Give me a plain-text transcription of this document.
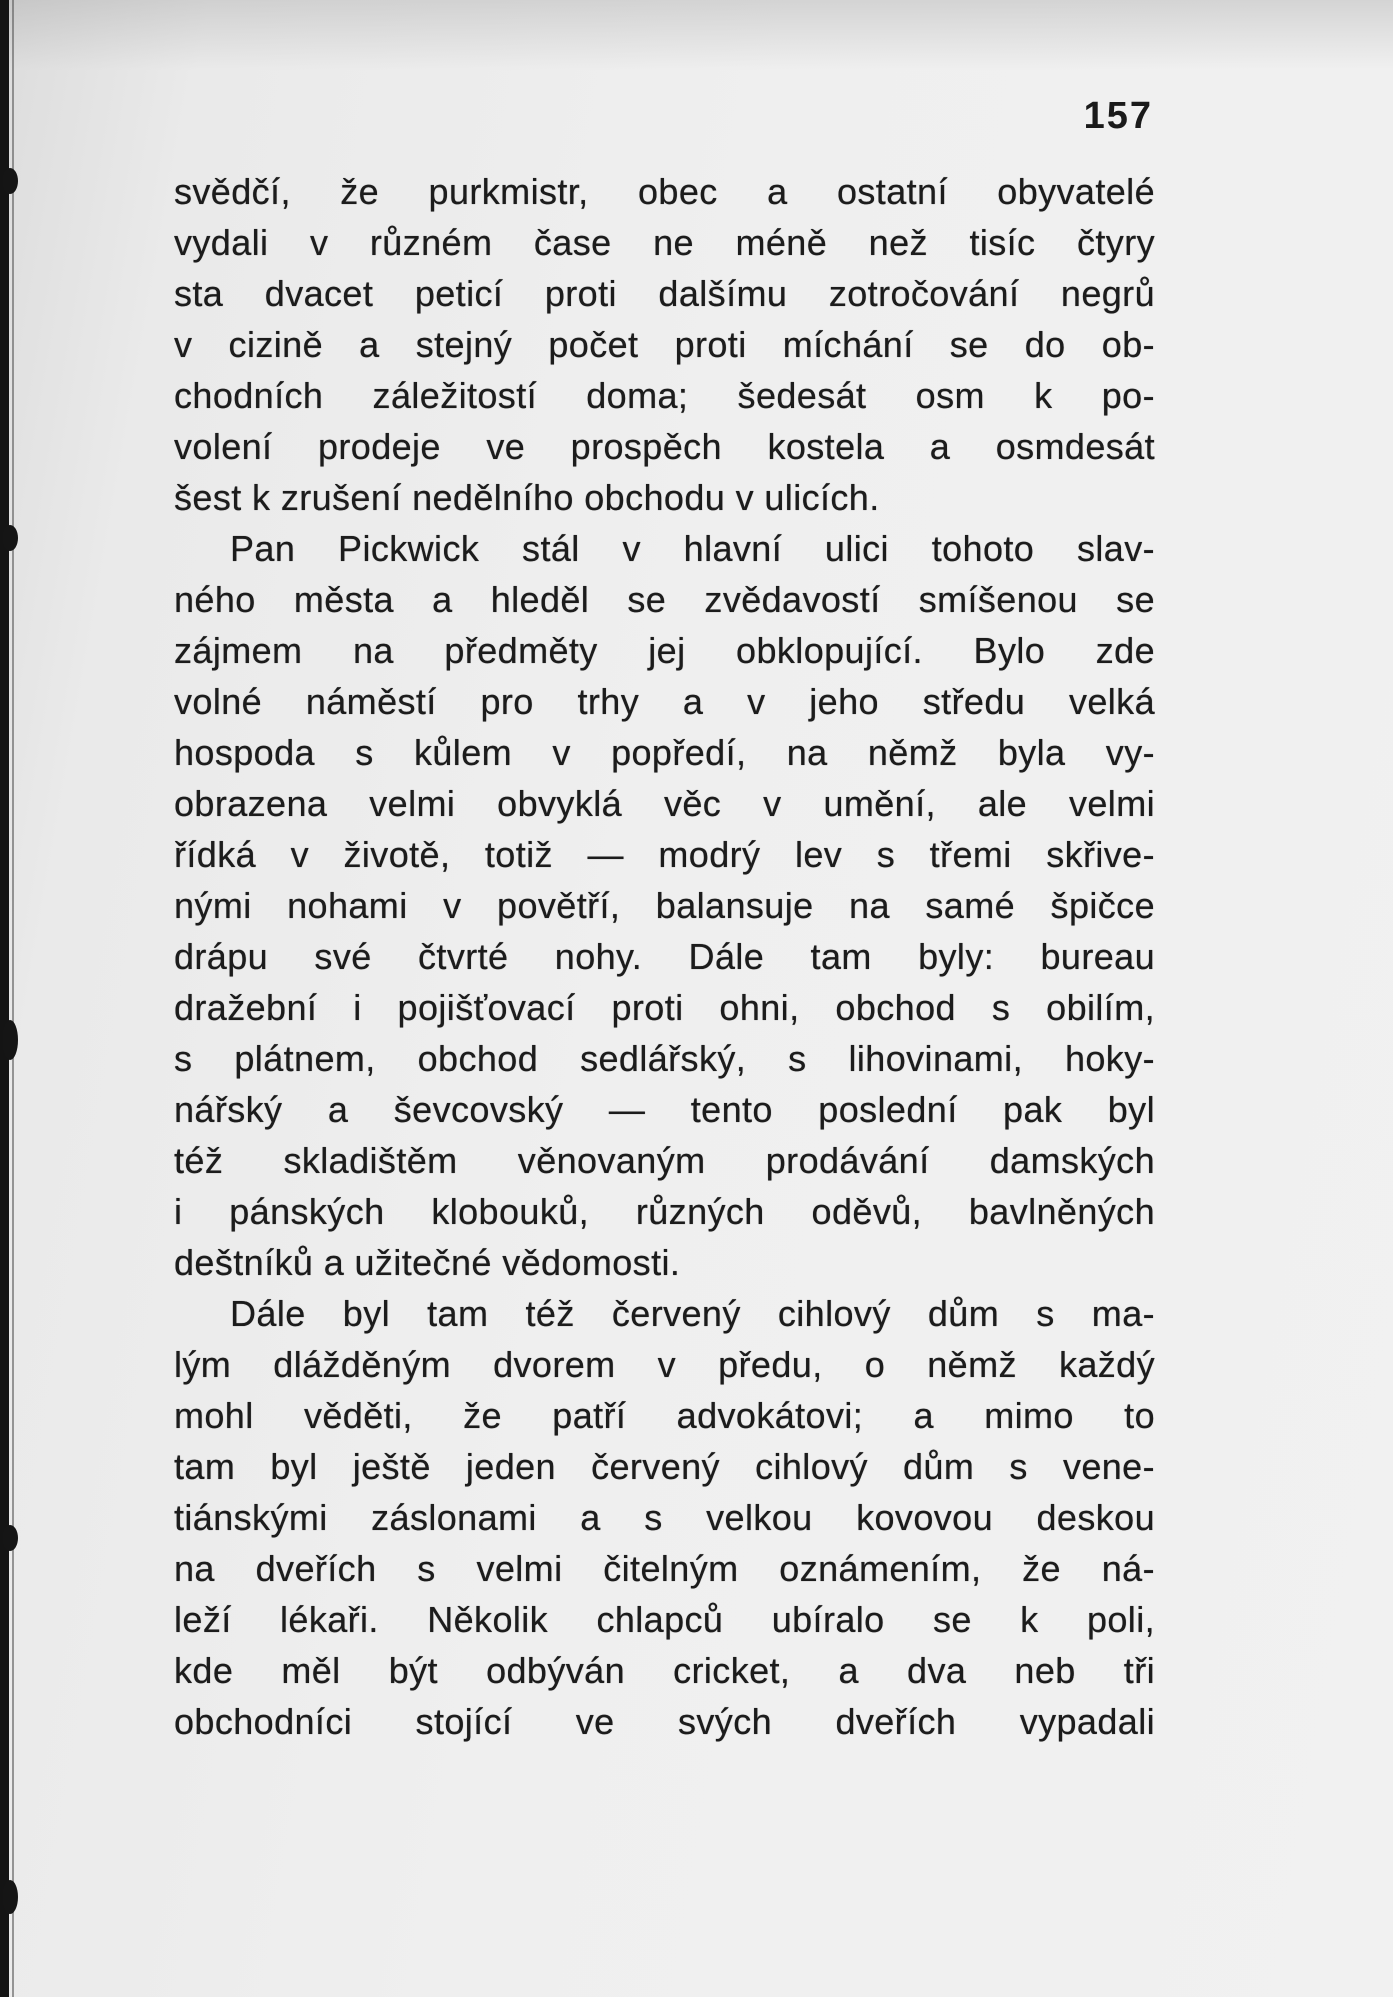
157
svědčí, že purkmistr, obec a ostatní obyvatelé
vydali v různém čase ne méně než tisíc čtyry
sta dvacet peticí proti dalšímu zotročování negrů
v cizině a stejný počet proti míchání se do ob-
chodních záležitostí doma; šedesát osm k po-
volení prodeje ve prospěch kostela a osmdesát
šest k zrušení nedělního obchodu v ulicích.
Pan Pickwick stál v hlavní ulici tohoto slav-
ného města a hleděl se zvědavostí smíšenou se
zájmem na předměty jej obklopující. Bylo zde
volné náměstí pro trhy a v jeho středu velká
hospoda s kůlem v popředí, na němž byla vy-
obrazena velmi obvyklá věc v umění, ale velmi
řídká v životě, totiž — modrý lev s třemi skřive-
nými nohami v povětří, balansuje na samé špičce
drápu své čtvrté nohy. Dále tam byly: bureau
dražební i pojišťovací proti ohni, obchod s obilím,
s plátnem, obchod sedlářský, s lihovinami, hoky-
nářský a ševcovský — tento poslední pak byl
též skladištěm věnovaným prodávání damských
i pánských klobouků, různých oděvů, bavlněných
deštníků a užitečné vědomosti.
Dále byl tam též červený cihlový dům s ma-
lým dlážděným dvorem v předu, o němž každý
mohl věděti, že patří advokátovi; a mimo to
tam byl ještě jeden červený cihlový dům s vene-
tiánskými záslonami a s velkou kovovou deskou
na dveřích s velmi čitelným oznámením, že ná-
leží lékaři. Několik chlapců ubíralo se k poli,
kde měl být odbýván cricket, a dva neb tři
obchodníci stojící ve svých dveřích vypadali
